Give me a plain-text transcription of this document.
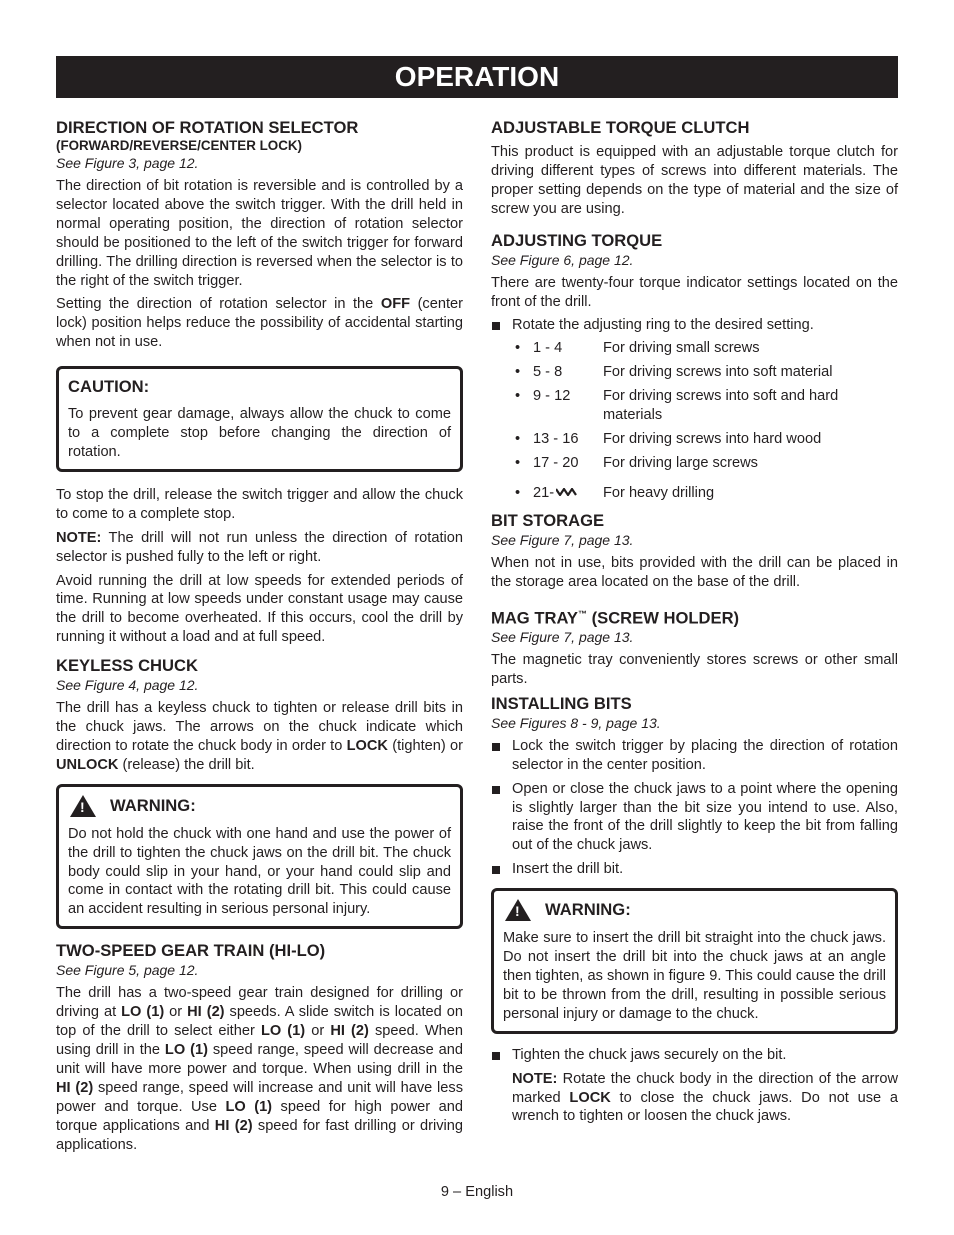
OPERATION
DIRECTION OF ROTATION SELECTOR
(FORWARD/REVERSE/CENTER LOCK)
See Figure 3, page 12.

The direction of bit rotation is reversible and is controlled by a selector located above the switch trigger. With the drill held in normal operating position, the direction of rotation selector should be positioned to the left of the switch trigger for forward drilling. The drilling direction is reversed when the selector is to the right of the switch trigger.

Setting the direction of rotation selector in the OFF (center lock) position helps reduce the possibility of accidental starting when not in use.

CAUTION:

To prevent gear damage, always allow the chuck to come to a complete stop before changing the direction of rotation.

To stop the drill, release the switch trigger and allow the chuck to come to a complete stop.

NOTE: The drill will not run unless the direction of rotation selector is pushed fully to the left or right.

Avoid running the drill at low speeds for extended periods of time. Running at low speeds under constant usage may cause the drill to become overheated. If this occurs, cool the drill by running it without a load and at full speed.

KEYLESS CHUCK
See Figure 4, page 12.

The drill has a keyless chuck to tighten or release drill bits in the chuck jaws. The arrows on the chuck indicate which direction to rotate the chuck body in order to LOCK (tighten) or UNLOCK (release) the drill bit.

! WARNING:

Do not hold the chuck with one hand and use the power of the drill to tighten the chuck jaws on the drill bit. The chuck body could slip in your hand, or your hand could slip and come in contact with the rotating drill bit. This could cause an accident resulting in serious personal injury.

TWO-SPEED GEAR TRAIN (HI-LO)
See Figure 5, page 12.

The drill has a two-speed gear train designed for drilling or driving at LO (1) or HI (2) speeds. A slide switch is located on top of the drill to select either LO (1) or HI (2) speed. When using drill in the LO (1) speed range, speed will decrease and unit will have more power and torque. When using drill in the HI (2) speed range, speed will increase and unit will have less power and torque. Use LO (1) speed for high power and torque applications and HI (2) speed for fast drilling or driving applications.

ADJUSTABLE TORQUE CLUTCH

This product is equipped with an adjustable torque clutch for driving different types of screws into different materials. The proper setting depends on the type of material and the size of screw you are using.

ADJUSTING TORQUE
See Figure 6, page 12.

There are twenty-four torque indicator settings located on the front of the drill.

Rotate the adjusting ring to the desired setting.
• 1 - 4	For driving small screws
• 5 - 8	For driving screws into soft material
• 9 - 12 For driving screws into soft and hard materials
• 13 - 16 For driving screws into hard wood
• 17 - 20 For driving large screws
• 21-	For heavy drilling
BIT STORAGE
See Figure 7, page 13.

When not in use, bits provided with the drill can be placed in the storage area located on the base of the drill.

MAG TRAY™ (SCREW HOLDER)
See Figure 7, page 13.

The magnetic tray conveniently stores screws or other small parts.

INSTALLING BITS
See Figures 8 - 9, page 13.
Lock the switch trigger by placing the direction of rotation selector in the center position.
Open or close the chuck jaws to a point where the opening is slightly larger than the bit size you intend to use. Also, raise the front of the drill slightly to keep the bit from falling out of the chuck jaws.
Insert the drill bit.
! WARNING:

Make sure to insert the drill bit straight into the chuck jaws. Do not insert the drill bit into the chuck jaws at an angle then tighten, as shown in figure 9. This could cause the drill bit to be thrown from the drill, resulting in possible serious personal injury or damage to the chuck.

Tighten the chuck jaws securely on the bit.

NOTE: Rotate the chuck body in the direction of the arrow marked LOCK to close the chuck jaws. Do not use a wrench to tighten or loosen the chuck jaws.

9 – English
